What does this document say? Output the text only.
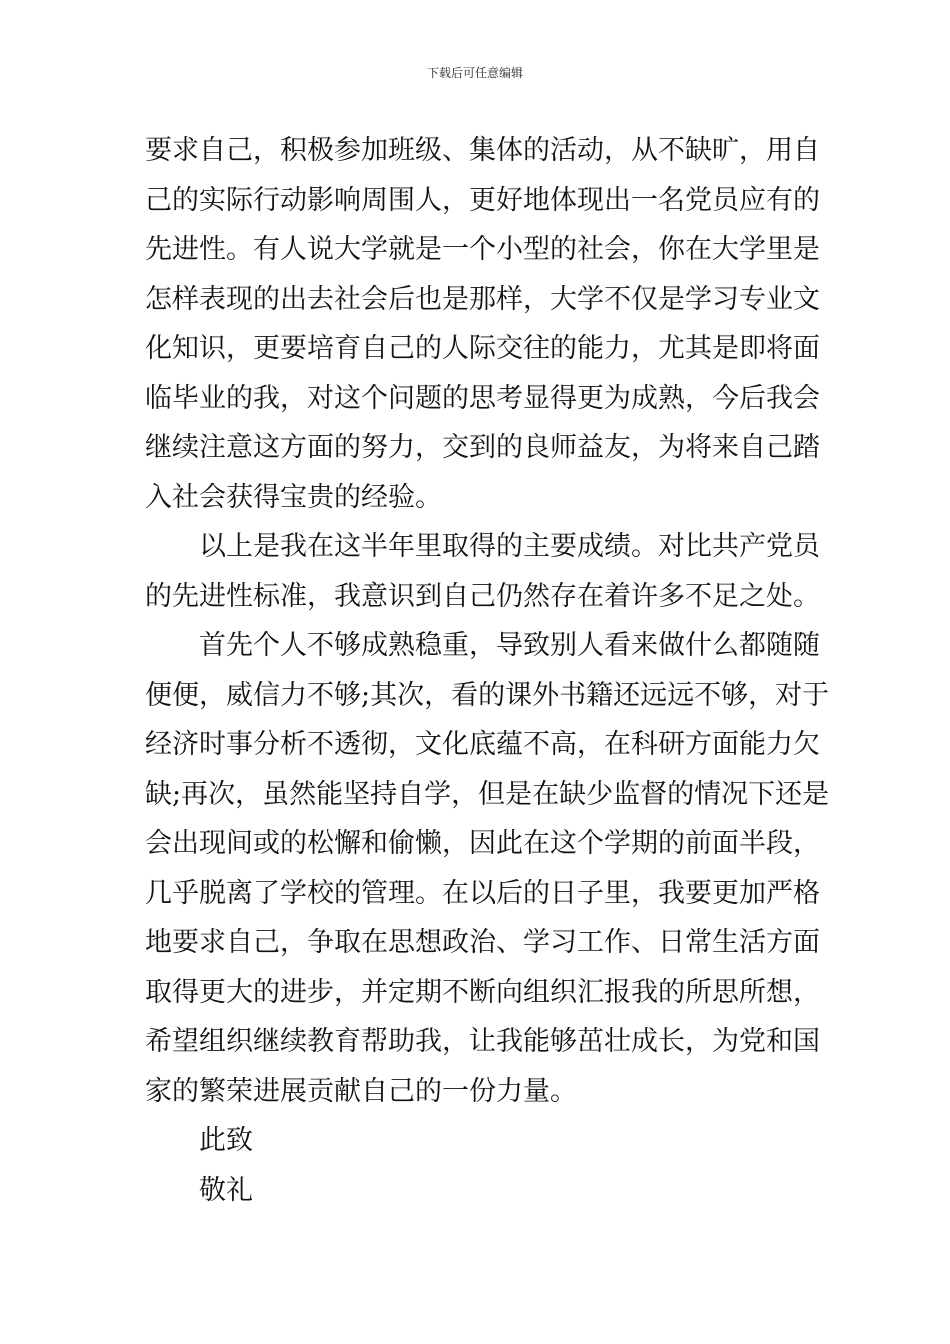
下载后可任意编辑
要求自己，积极参加班级、集体的活动，从不缺旷，用自
己的实际行动影响周围人，更好地体现出一名党员应有的
先进性。有人说大学就是一个小型的社会，你在大学里是
怎样表现的出去社会后也是那样，大学不仅是学习专业文
化知识，更要培育自己的人际交往的能力，尤其是即将面
临毕业的我，对这个问题的思考显得更为成熟，今后我会
继续注意这方面的努力，交到的良师益友，为将来自己踏
入社会获得宝贵的经验。
以上是我在这半年里取得的主要成绩。对比共产党员
的先进性标准，我意识到自己仍然存在着许多不足之处。
首先个人不够成熟稳重，导致别人看来做什么都随随
便便，威信力不够;其次，看的课外书籍还远远不够，对于
经济时事分析不透彻，文化底蕴不高，在科研方面能力欠
缺;再次，虽然能坚持自学，但是在缺少监督的情况下还是
会出现间或的松懈和偷懒，因此在这个学期的前面半段，
几乎脱离了学校的管理。在以后的日子里，我要更加严格
地要求自己，争取在思想政治、学习工作、日常生活方面
取得更大的进步，并定期不断向组织汇报我的所思所想，
希望组织继续教育帮助我，让我能够茁壮成长，为党和国
家的繁荣进展贡献自己的一份力量。
此致
敬礼
